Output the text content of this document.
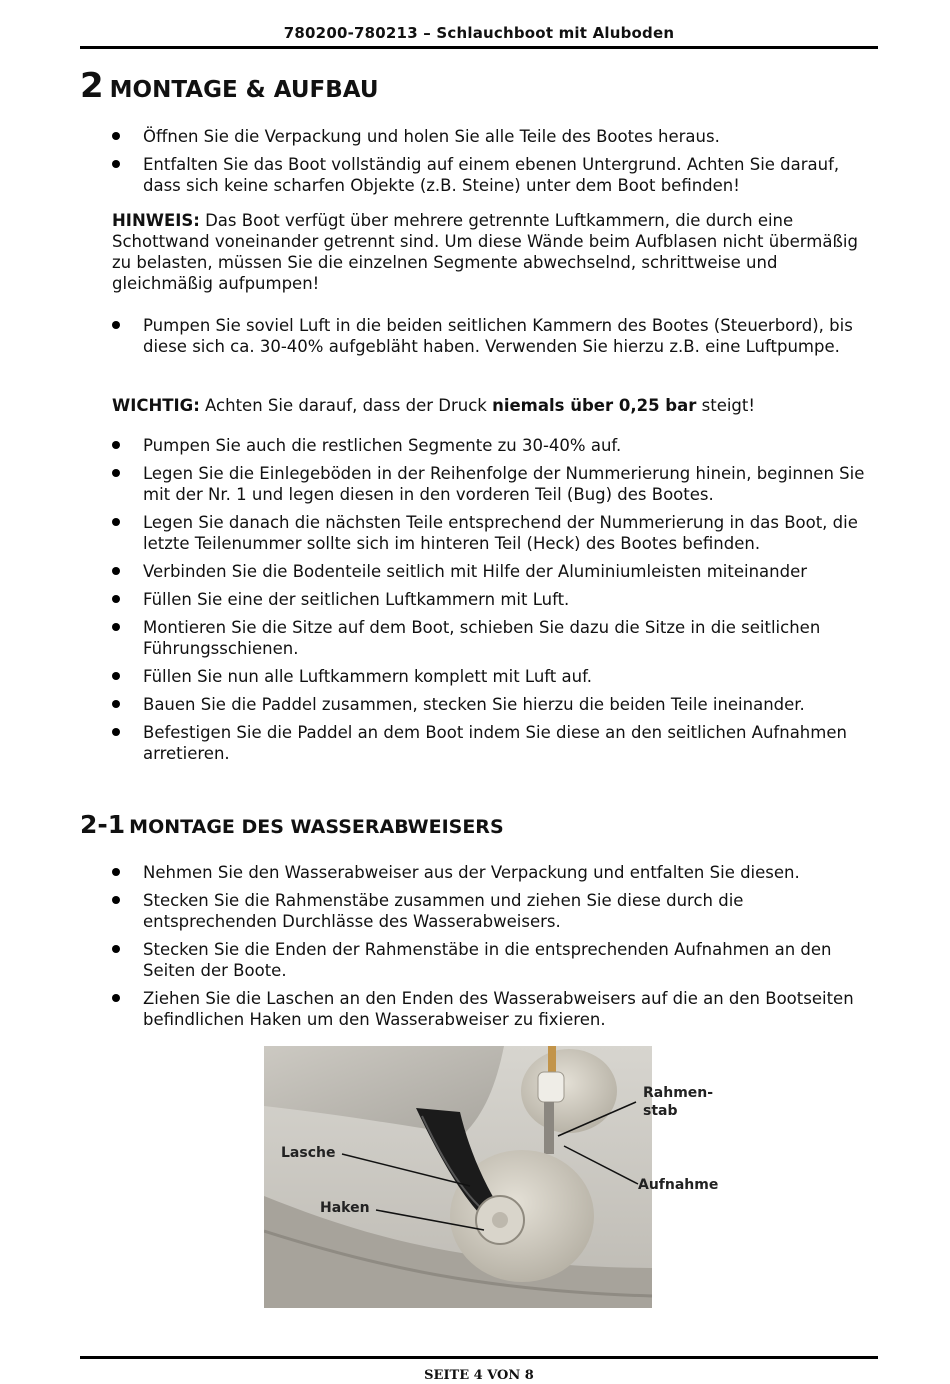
780200-780213 – Schlauchboot mit Aluboden
2 MONTAGE & AUFBAU
Öffnen Sie die Verpackung und holen Sie alle Teile des Bootes heraus.
Entfalten Sie das Boot vollständig auf einem ebenen Untergrund. Achten Sie darauf, dass sich keine scharfen Objekte (z.B. Steine) unter dem Boot befinden!

HINWEIS: Das Boot verfügt über mehrere getrennte Luftkammern, die durch eine Schottwand voneinander getrennt sind. Um diese Wände beim Aufblasen nicht übermäßig zu belasten, müssen Sie die einzelnen Segmente abwechselnd, schrittweise und gleichmäßig aufpumpen!

Pumpen Sie soviel Luft in die beiden seitlichen Kammern des Bootes (Steuerbord), bis diese sich ca. 30-40% aufgebläht haben. Verwenden Sie hierzu z.B. eine Luftpumpe.

WICHTIG: Achten Sie darauf, dass der Druck niemals über 0,25 bar steigt!

Pumpen Sie auch die restlichen Segmente zu 30-40% auf.
Legen Sie die Einlegeböden in der Reihenfolge der Nummerierung hinein, beginnen Sie mit der Nr. 1 und legen diesen in den vorderen Teil (Bug) des Bootes.
Legen Sie danach die nächsten Teile entsprechend der Nummerierung in das Boot, die letzte Teilenummer sollte sich im hinteren Teil (Heck) des Bootes befinden.
Verbinden Sie die Bodenteile seitlich mit Hilfe der Aluminiumleisten miteinander
Füllen Sie eine der seitlichen Luftkammern mit Luft.
Montieren Sie die Sitze auf dem Boot, schieben Sie dazu die Sitze in die seitlichen Führungsschienen.
Füllen Sie nun alle Luftkammern komplett mit Luft auf.
Bauen Sie die Paddel zusammen, stecken Sie hierzu die beiden Teile ineinander.
Befestigen Sie die Paddel an dem Boot indem Sie diese an den seitlichen Aufnahmen arretieren.
2-1 MONTAGE DES WASSERABWEISERS
Nehmen Sie den Wasserabweiser aus der Verpackung und entfalten Sie diesen.
Stecken Sie die Rahmenstäbe zusammen und ziehen Sie diese durch die entsprechenden Durchlässe des Wasserabweisers.
Stecken Sie die Enden der Rahmenstäbe in die entsprechenden Aufnahmen an den Seiten der Boote.
Ziehen Sie die Laschen an den Enden des Wasserabweisers auf die an den Bootseiten befindlichen Haken um den Wasserabweiser zu fixieren.
Rahmen-
stab
Lasche
Aufnahme
Haken
SEITE 4 VON 8
